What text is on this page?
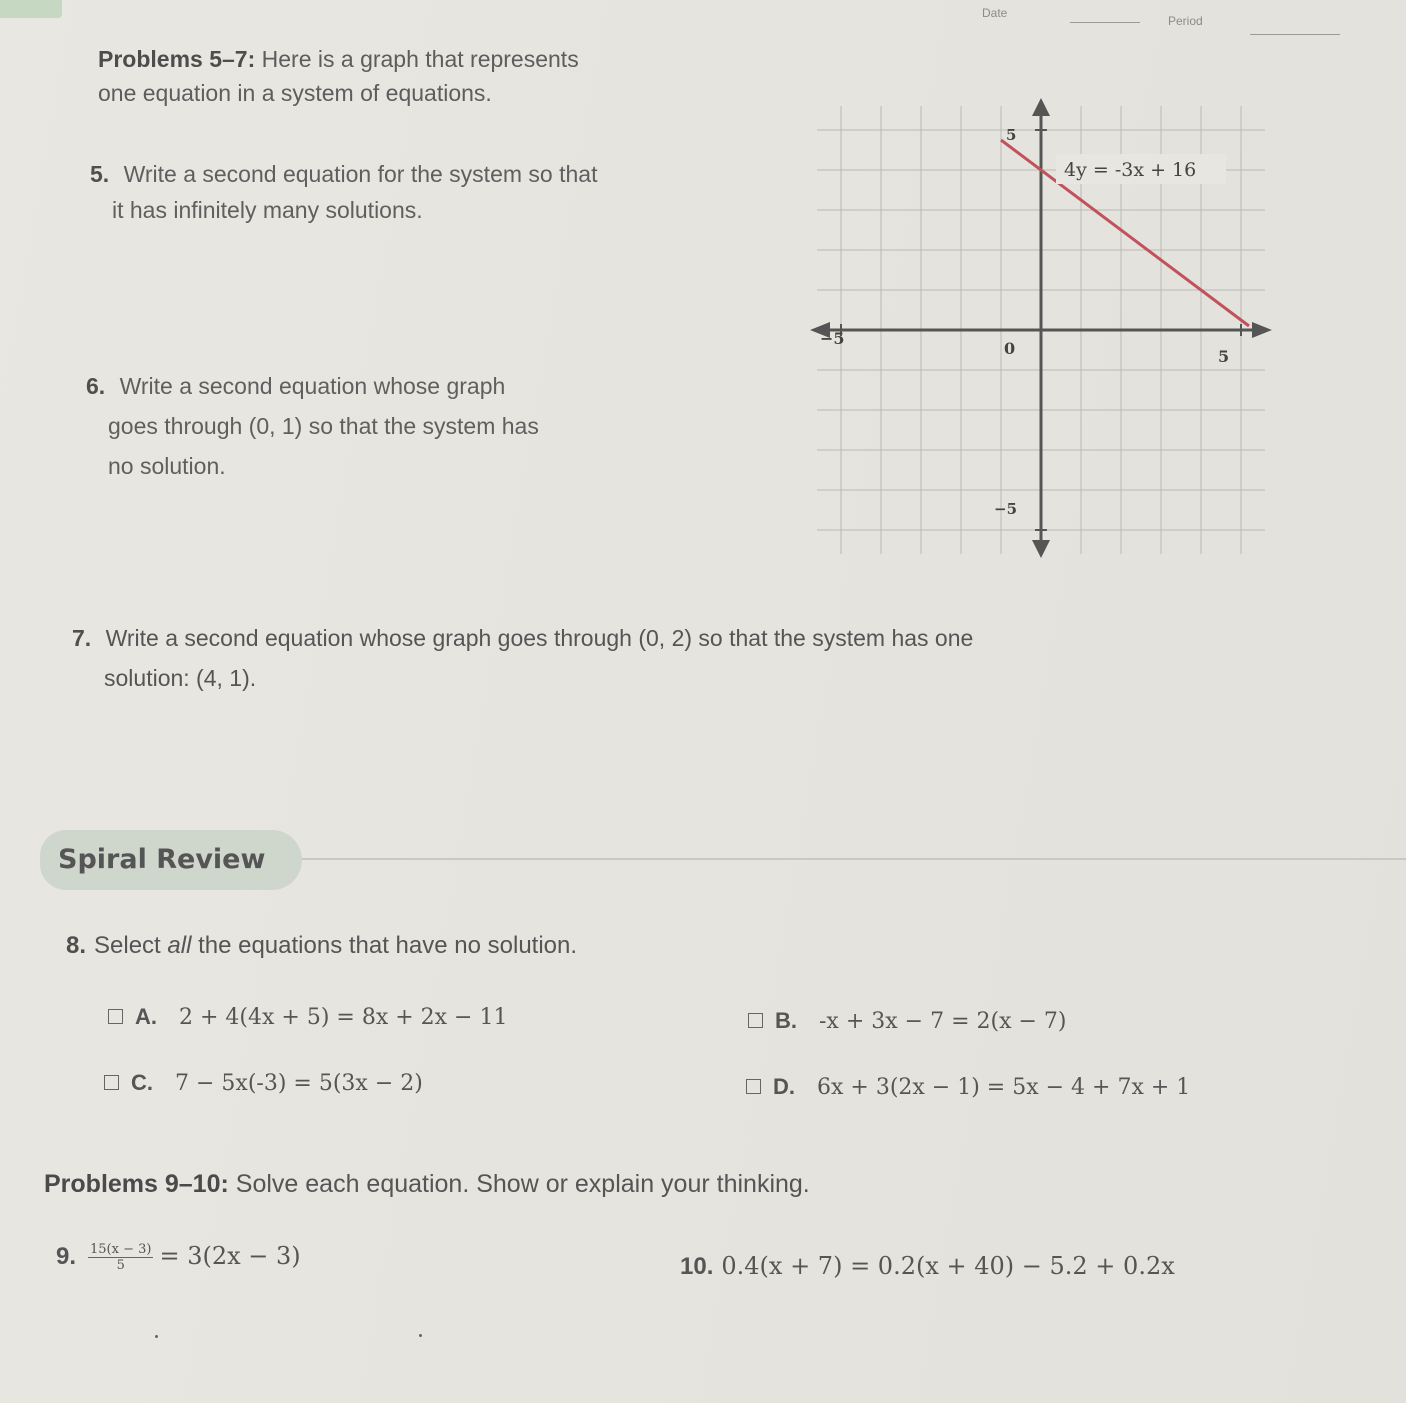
Date
Period
Problems 5–7: Here is a graph that represents
one equation in a system of equations.
5. Write a second equation for the system so that
it has infinitely many solutions.
6. Write a second equation whose graph
goes through (0, 1) so that the system has
no solution.
4y = -3x + 16
−5
0	5
5
−5
7. Write a second equation whose graph goes through (0, 2) so that the system has one
solution: (4, 1).
Spiral Review
8. Select all the equations that have no solution.
A. 2 + 4(4x + 5) = 8x + 2x − 11	B. -x + 3x − 7 = 2(x − 7)
C. 7 − 5x(-3) = 5(3x − 2)	D. 6x + 3(2x − 1) = 5x − 4 + 7x + 1
Problems 9–10: Solve each equation. Show or explain your thinking.
9. $\frac{15(x - 3)}{5} = 3(2x - 3)$	10. 0.4(x + 7) = 0.2(x + 40) − 5.2 + 0.2x
